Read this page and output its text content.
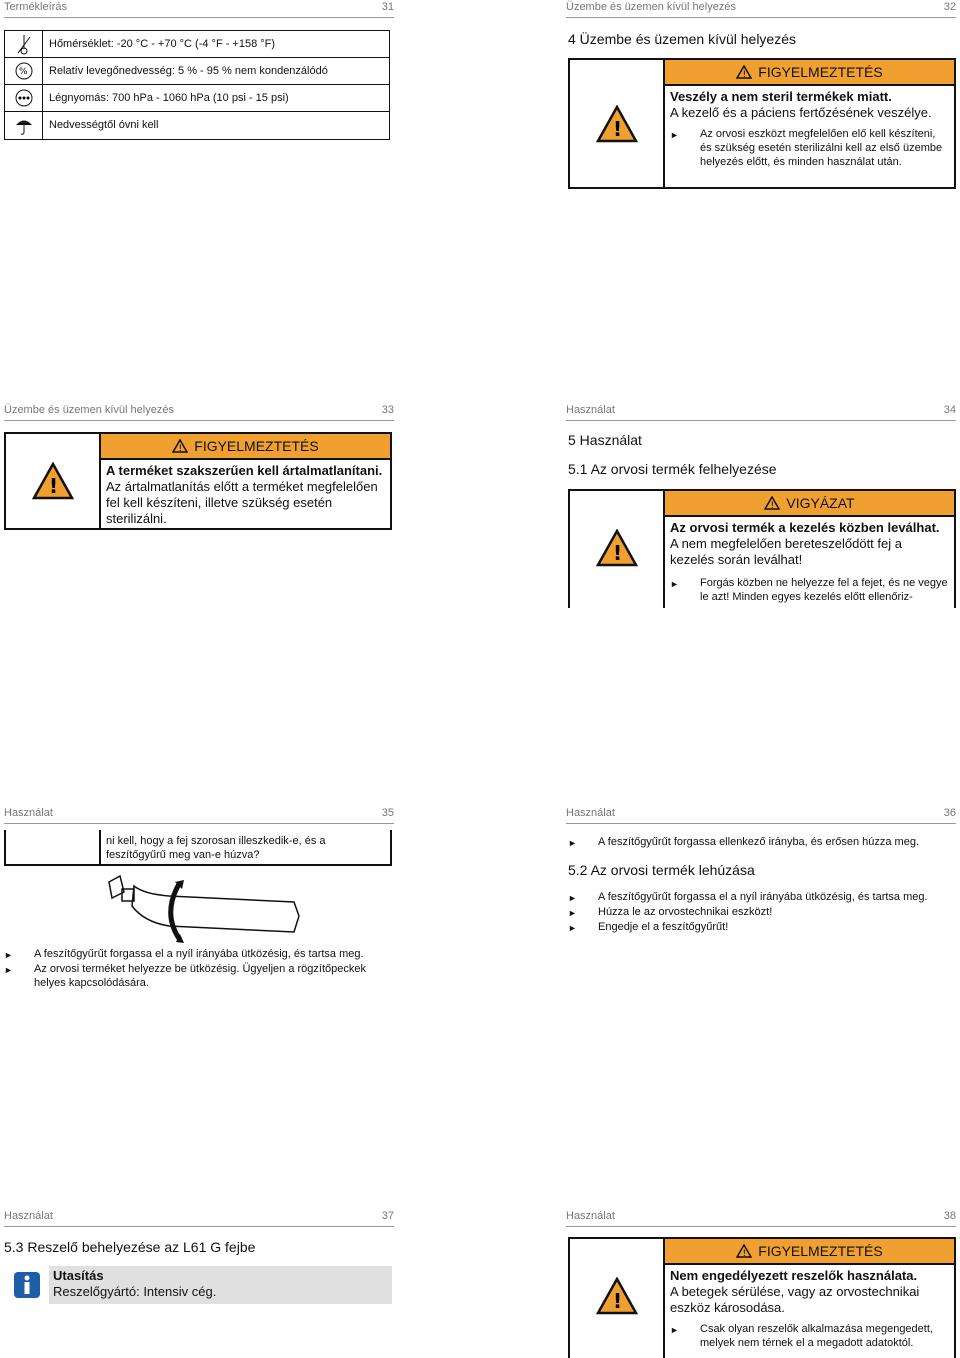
Termékleírás	31
Hőmérséklet: -20 °C - +70 °C (-4 °F - +158 °F)
%	Relatív levegőnedvesség: 5 % - 95 % nem kondenzálódó
Légnyomás: 700 hPa - 1060 hPa (10 psi - 15 psi)
Nedvességtől óvni kell
Üzembe és üzemen kívül helyezés	32
4 Üzembe és üzemen kívül helyezés
!
! FIGYELMEZTETÉS
Veszély a nem steril termékek miatt.
A kezelő és a páciens fertőzésének veszélye.
►	Az orvosi eszközt megfelelően elő kell készíteni, és szükség esetén sterilizálni kell az első üzembe helyezés előtt, és minden használat után.
Üzembe és üzemen kívül helyezés	33
!
! FIGYELMEZTETÉS
A terméket szakszerűen kell ártalmatlanítani.
Az ártalmatlanítás előtt a terméket megfelelően fel kell készíteni, illetve szükség esetén sterilizálni.
Használat	34
5 Használat
5.1 Az orvosi termék felhelyezése
!
! VIGYÁZAT
Az orvosi termék a kezelés közben leválhat.
A nem megfelelően bereteszelődött fej a kezelés során leválhat!
►	Forgás közben ne helyezze fel a fejet, és ne vegye le azt! Minden egyes kezelés előtt ellenőriz-
Használat	35
ni kell, hogy a fej szorosan illeszkedik-e, és a feszítőgyűrű meg van-e húzva?
►	A feszítőgyűrűt forgassa el a nyíl irányába ütközésig, és tartsa meg.
►	Az orvosi terméket helyezze be ütközésig. Ügyeljen a rögzítőpeckek helyes kapcsolódására.
Használat	36
►	A feszítőgyűrűt forgassa ellenkező irányba, és erősen húzza meg.
5.2 Az orvosi termék lehúzása
►	A feszítőgyűrűt forgassa el a nyíl irányába ütközésig, és tartsa meg.
►	Húzza le az orvostechnikai eszközt!
►	Engedje el a feszítőgyűrűt!
Használat	37
5.3 Reszelő behelyezése az L61 G fejbe
Utasítás
Reszelőgyártó: Intensiv cég.
Használat	38
!
! FIGYELMEZTETÉS
Nem engedélyezett reszelők használata.
A betegek sérülése, vagy az orvostechnikai eszköz károsodása.
►	Csak olyan reszelők alkalmazása megengedett, melyek nem térnek el a megadott adatoktól.
